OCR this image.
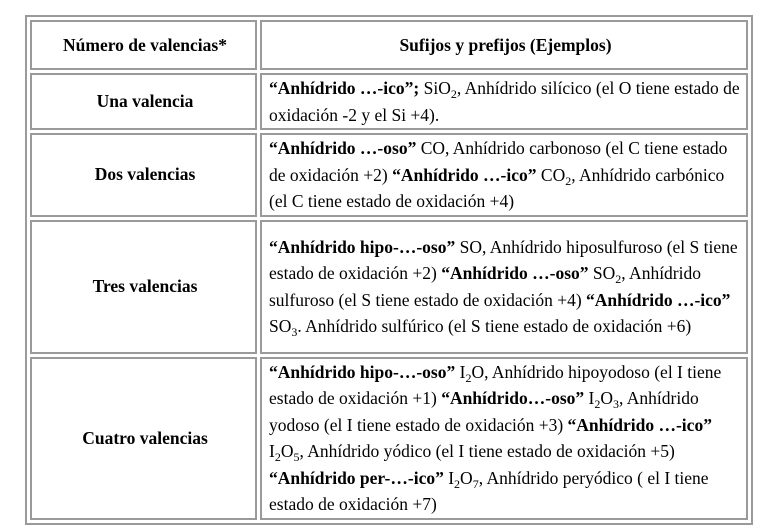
Número de valencias*	Sufijos y prefijos (Ejemplos)
Una valencia	“Anhídrido …-ico”; SiO$_2$, Anhídrido silícico (el O tiene estado de oxidación -2 y el Si +4).
Dos valencias	“Anhídrido …-oso” CO, Anhídrido carbonoso (el C tiene estado de oxidación +2) “Anhídrido …-ico” $CO_2$, Anhídrido carbónico (el C tiene estado de oxidación +4)
Tres valencias	“Anhídrido hipo-…-oso” SO, Anhídrido hiposulfuroso (el S tiene estado de oxidación +2) “Anhídrido …-oso” $SO_2$, Anhídrido sulfuroso (el S tiene estado de oxidación +4) “Anhídrido …-ico” $SO_3$. Anhídrido sulfúrico (el S tiene estado de oxidación +6)
Cuatro valencias	“Anhídrido hipo-…-oso” $I_2O$, Anhídrido hipoyodoso (el I tiene estado de oxidación +1) “Anhídrido…-oso” $I_2O_3$, Anhídrido yodoso (el I tiene estado de oxidación +3) “Anhídrido …-ico” $I_2O_5$, Anhídrido yódico (el I tiene estado de oxidación +5) “Anhídrido per-…-ico” $I_2O_7$, Anhídrido peryódico ( el I tiene estado de oxidación +7)
